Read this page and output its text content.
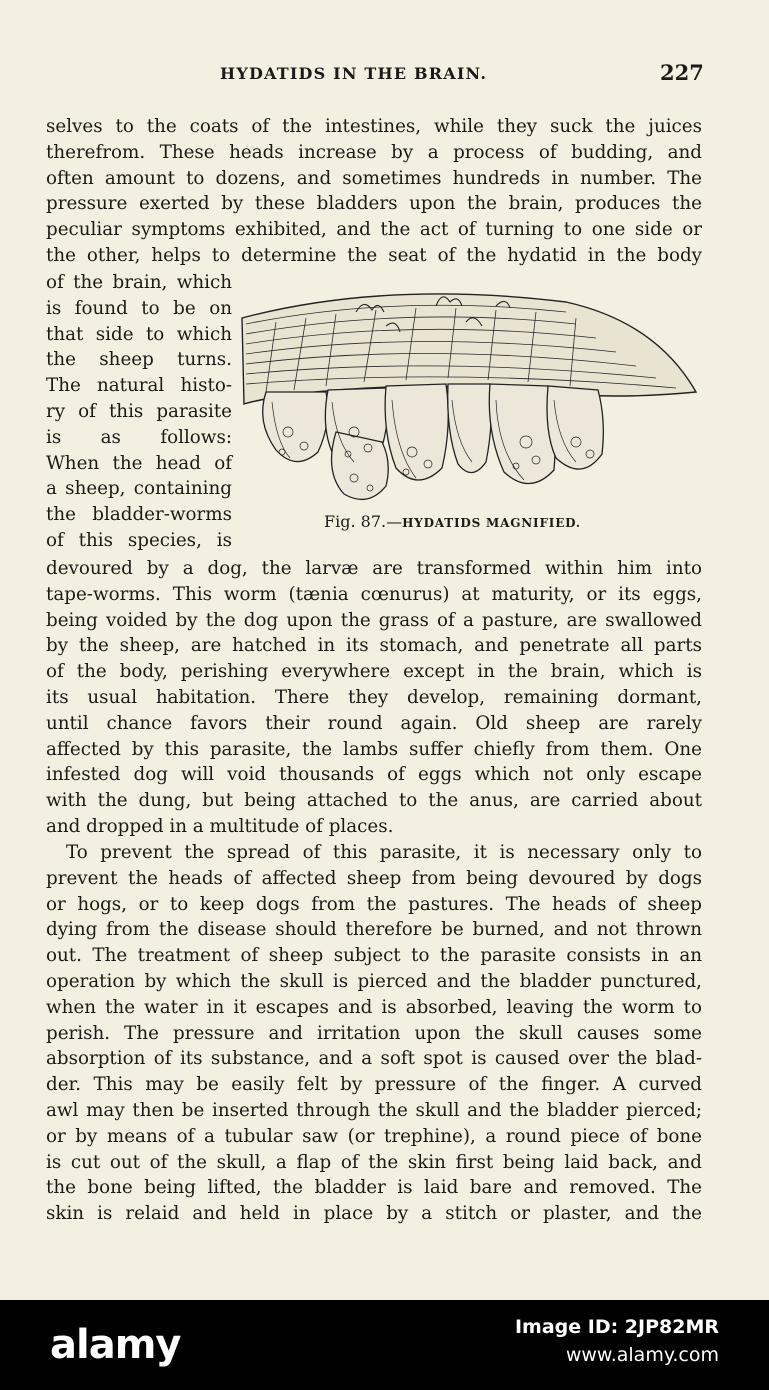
HYDATIDS IN THE BRAIN.	227
selves to the coats of the intestines, while they suck the juices
therefrom. These heads increase by a process of budding, and
often amount to dozens, and sometimes hundreds in number. The
pressure exerted by these bladders upon the brain, produces the
peculiar symptoms exhibited, and the act of turning to one side or
the other, helps to determine the seat of the hydatid in the body
of the brain, which
is found to be on
that side to which
the sheep turns.
The natural histo-
ry of this parasite
is as follows:
When the head of
a sheep, containing
the bladder-worms
of this species, is
Fig. 87.—HYDATIDS MAGNIFIED.
devoured by a dog, the larvæ are transformed within him into
tape-worms. This worm (tænia cœnurus) at maturity, or its eggs,
being voided by the dog upon the grass of a pasture, are swallowed
by the sheep, are hatched in its stomach, and penetrate all parts
of the body, perishing everywhere except in the brain, which is
its usual habitation. There they develop, remaining dormant,
until chance favors their round again. Old sheep are rarely
affected by this parasite, the lambs suffer chiefly from them. One
infested dog will void thousands of eggs which not only escape
with the dung, but being attached to the anus, are carried about
and dropped in a multitude of places.
To prevent the spread of this parasite, it is necessary only to
prevent the heads of affected sheep from being devoured by dogs
or hogs, or to keep dogs from the pastures. The heads of sheep
dying from the disease should therefore be burned, and not thrown
out. The treatment of sheep subject to the parasite consists in an
operation by which the skull is pierced and the bladder punctured,
when the water in it escapes and is absorbed, leaving the worm to
perish. The pressure and irritation upon the skull causes some
absorption of its substance, and a soft spot is caused over the blad-
der. This may be easily felt by pressure of the finger. A curved
awl may then be inserted through the skull and the bladder pierced;
or by means of a tubular saw (or trephine), a round piece of bone
is cut out of the skull, a flap of the skin first being laid back, and
the bone being lifted, the bladder is laid bare and removed. The
skin is relaid and held in place by a stitch or plaster, and the
alamy	Image ID: 2JP82MR
www.alamy.com
